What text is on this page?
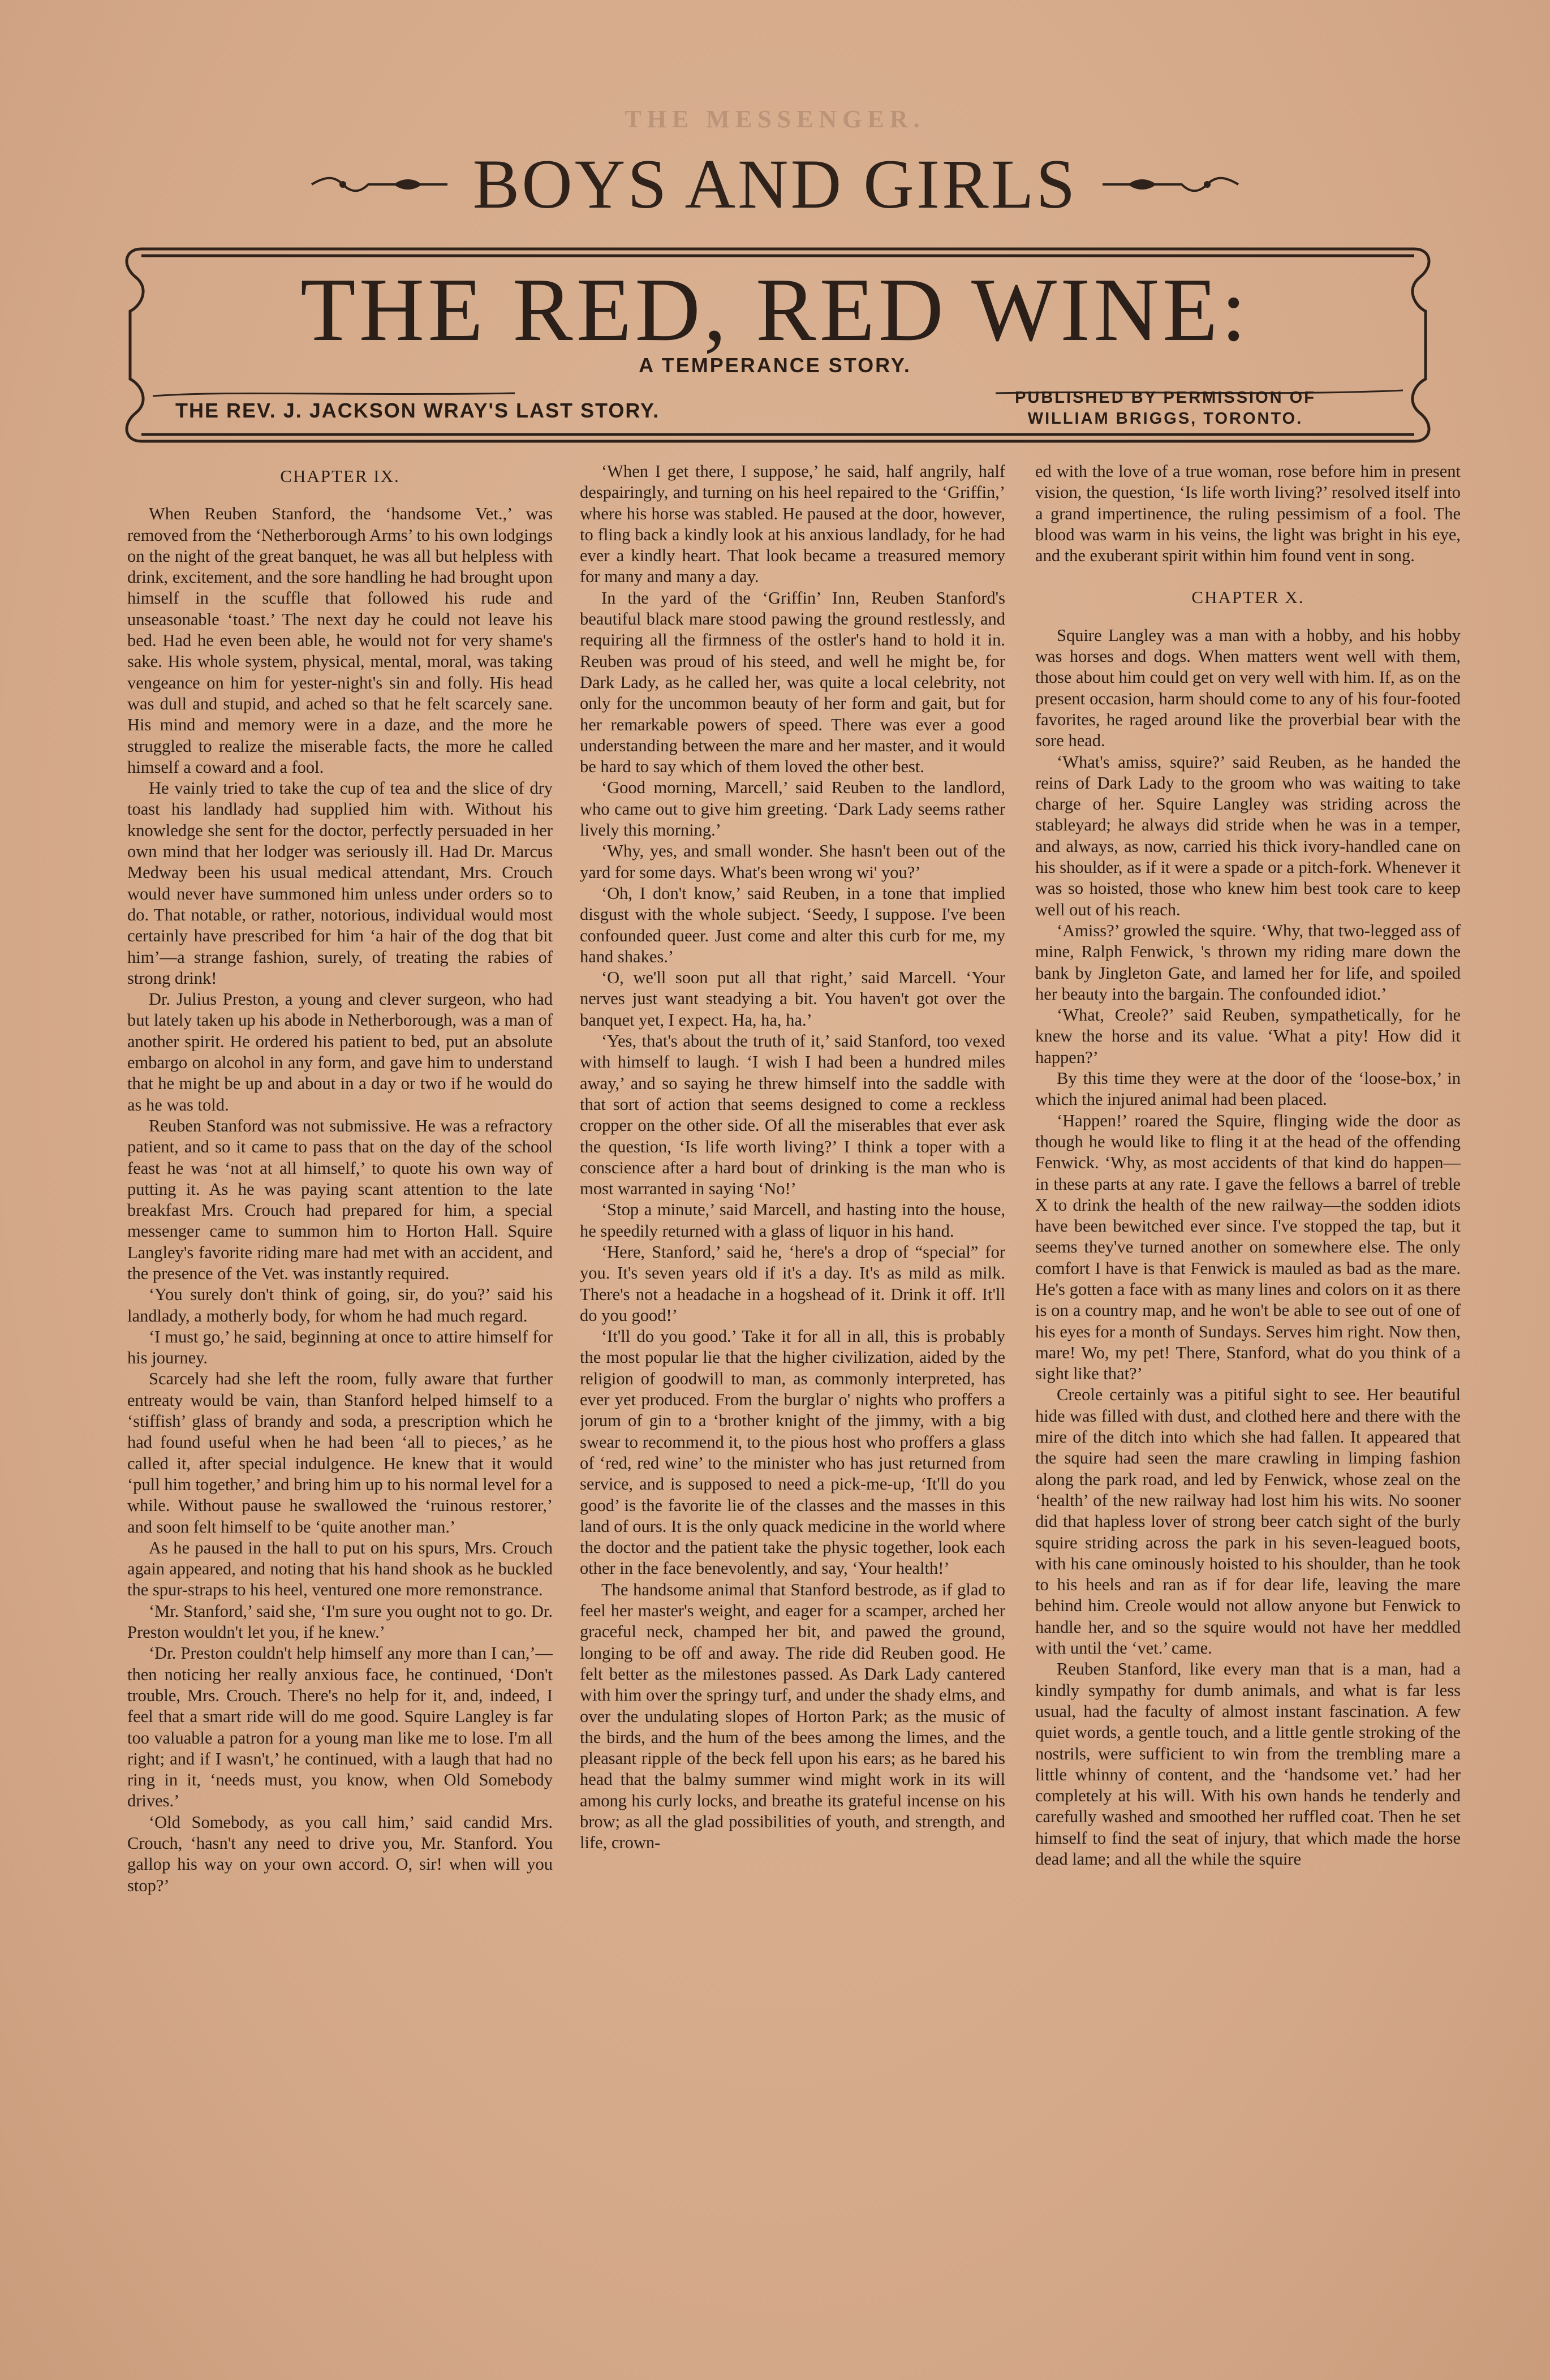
THE MESSENGER.
BOYS AND GIRLS
THE RED, RED WINE:
A TEMPERANCE STORY.
THE REV. J. JACKSON WRAY'S LAST STORY.
PUBLISHED BY PERMISSION OF
WILLIAM BRIGGS, TORONTO.
CHAPTER IX.

When Reuben Stanford, the ‘handsome Vet.,’ was removed from the ‘Netherborough Arms’ to his own lodgings on the night of the great banquet, he was all but helpless with drink, excitement, and the sore handling he had brought upon himself in the scuffle that followed his rude and unseasonable ‘toast.’ The next day he could not leave his bed. Had he even been able, he would not for very shame's sake. His whole system, physical, mental, moral, was taking vengeance on him for yester-night's sin and folly. His head was dull and stupid, and ached so that he felt scarcely sane. His mind and memory were in a daze, and the more he struggled to realize the miserable facts, the more he called himself a coward and a fool.

He vainly tried to take the cup of tea and the slice of dry toast his landlady had supplied him with. Without his knowledge she sent for the doctor, perfectly persuaded in her own mind that her lodger was seriously ill. Had Dr. Marcus Medway been his usual medical attendant, Mrs. Crouch would never have summoned him unless under orders so to do. That notable, or rather, notorious, individual would most certainly have prescribed for him ‘a hair of the dog that bit him’—a strange fashion, surely, of treating the rabies of strong drink!

Dr. Julius Preston, a young and clever surgeon, who had but lately taken up his abode in Netherborough, was a man of another spirit. He ordered his patient to bed, put an absolute embargo on alcohol in any form, and gave him to understand that he might be up and about in a day or two if he would do as he was told.

Reuben Stanford was not submissive. He was a refractory patient, and so it came to pass that on the day of the school feast he was ‘not at all himself,’ to quote his own way of putting it. As he was paying scant attention to the late breakfast Mrs. Crouch had prepared for him, a special messenger came to summon him to Horton Hall. Squire Langley's favorite riding mare had met with an accident, and the presence of the Vet. was instantly required.

‘You surely don't think of going, sir, do you?’ said his landlady, a motherly body, for whom he had much regard.

‘I must go,’ he said, beginning at once to attire himself for his journey.

Scarcely had she left the room, fully aware that further entreaty would be vain, than Stanford helped himself to a ‘stiffish’ glass of brandy and soda, a prescription which he had found useful when he had been ‘all to pieces,’ as he called it, after special indulgence. He knew that it would ‘pull him together,’ and bring him up to his normal level for a while. Without pause he swallowed the ‘ruinous restorer,’ and soon felt himself to be ‘quite another man.’

As he paused in the hall to put on his spurs, Mrs. Crouch again appeared, and noting that his hand shook as he buckled the spur-straps to his heel, ventured one more remonstrance.

‘Mr. Stanford,’ said she, ‘I'm sure you ought not to go. Dr. Preston wouldn't let you, if he knew.’

‘Dr. Preston couldn't help himself any more than I can,’—then noticing her really anxious face, he continued, ‘Don't trouble, Mrs. Crouch. There's no help for it, and, indeed, I feel that a smart ride will do me good. Squire Langley is far too valuable a patron for a young man like me to lose. I'm all right; and if I wasn't,’ he continued, with a laugh that had no ring in it, ‘needs must, you know, when Old Somebody drives.’

‘Old Somebody, as you call him,’ said candid Mrs. Crouch, ‘hasn't any need to drive you, Mr. Stanford. You gallop his way on your own accord. O, sir! when will you stop?’

‘When I get there, I suppose,’ he said, half angrily, half despairingly, and turning on his heel repaired to the ‘Griffin,’ where his horse was stabled. He paused at the door, however, to fling back a kindly look at his anxious landlady, for he had ever a kindly heart. That look became a treasured memory for many and many a day.

In the yard of the ‘Griffin’ Inn, Reuben Stanford's beautiful black mare stood pawing the ground restlessly, and requiring all the firmness of the ostler's hand to hold it in. Reuben was proud of his steed, and well he might be, for Dark Lady, as he called her, was quite a local celebrity, not only for the uncommon beauty of her form and gait, but for her remarkable powers of speed. There was ever a good understanding between the mare and her master, and it would be hard to say which of them loved the other best.

‘Good morning, Marcell,’ said Reuben to the landlord, who came out to give him greeting. ‘Dark Lady seems rather lively this morning.’

‘Why, yes, and small wonder. She hasn't been out of the yard for some days. What's been wrong wi' you?’

‘Oh, I don't know,’ said Reuben, in a tone that implied disgust with the whole subject. ‘Seedy, I suppose. I've been confounded queer. Just come and alter this curb for me, my hand shakes.’

‘O, we'll soon put all that right,’ said Marcell. ‘Your nerves just want steadying a bit. You haven't got over the banquet yet, I expect. Ha, ha, ha.’

‘Yes, that's about the truth of it,’ said Stanford, too vexed with himself to laugh. ‘I wish I had been a hundred miles away,’ and so saying he threw himself into the saddle with that sort of action that seems designed to come a reckless cropper on the other side. Of all the miserables that ever ask the question, ‘Is life worth living?’ I think a toper with a conscience after a hard bout of drinking is the man who is most warranted in saying ‘No!’

‘Stop a minute,’ said Marcell, and hasting into the house, he speedily returned with a glass of liquor in his hand.

‘Here, Stanford,’ said he, ‘here's a drop of “special” for you. It's seven years old if it's a day. It's as mild as milk. There's not a headache in a hogshead of it. Drink it off. It'll do you good!’

‘It'll do you good.’ Take it for all in all, this is probably the most popular lie that the higher civilization, aided by the religion of goodwill to man, as commonly interpreted, has ever yet produced. From the burglar o' nights who proffers a jorum of gin to a ‘brother knight of the jimmy, with a big swear to recommend it, to the pious host who proffers a glass of ‘red, red wine’ to the minister who has just returned from service, and is supposed to need a pick-me-up, ‘It'll do you good’ is the favorite lie of the classes and the masses in this land of ours. It is the only quack medicine in the world where the doctor and the patient take the physic together, look each other in the face benevolently, and say, ‘Your health!’

The handsome animal that Stanford bestrode, as if glad to feel her master's weight, and eager for a scamper, arched her graceful neck, champed her bit, and pawed the ground, longing to be off and away. The ride did Reuben good. He felt better as the milestones passed. As Dark Lady cantered with him over the springy turf, and under the shady elms, and over the undulating slopes of Horton Park; as the music of the birds, and the hum of the bees among the limes, and the pleasant ripple of the beck fell upon his ears; as he bared his head that the balmy summer wind might work in its will among his curly locks, and breathe its grateful incense on his brow; as all the glad possibilities of youth, and strength, and life, crown-

ed with the love of a true woman, rose before him in present vision, the question, ‘Is life worth living?’ resolved itself into a grand impertinence, the ruling pessimism of a fool. The blood was warm in his veins, the light was bright in his eye, and the exuberant spirit within him found vent in song.

CHAPTER X.

Squire Langley was a man with a hobby, and his hobby was horses and dogs. When matters went well with them, those about him could get on very well with him. If, as on the present occasion, harm should come to any of his four-footed favorites, he raged around like the proverbial bear with the sore head.

‘What's amiss, squire?’ said Reuben, as he handed the reins of Dark Lady to the groom who was waiting to take charge of her. Squire Langley was striding across the stableyard; he always did stride when he was in a temper, and always, as now, carried his thick ivory-handled cane on his shoulder, as if it were a spade or a pitch-fork. Whenever it was so hoisted, those who knew him best took care to keep well out of his reach.

‘Amiss?’ growled the squire. ‘Why, that two-legged ass of mine, Ralph Fenwick, 's thrown my riding mare down the bank by Jingleton Gate, and lamed her for life, and spoiled her beauty into the bargain. The confounded idiot.’

‘What, Creole?’ said Reuben, sympathetically, for he knew the horse and its value. ‘What a pity! How did it happen?’

By this time they were at the door of the ‘loose-box,’ in which the injured animal had been placed.

‘Happen!’ roared the Squire, flinging wide the door as though he would like to fling it at the head of the offending Fenwick. ‘Why, as most accidents of that kind do happen—in these parts at any rate. I gave the fellows a barrel of treble X to drink the health of the new railway—the sodden idiots have been bewitched ever since. I've stopped the tap, but it seems they've turned another on somewhere else. The only comfort I have is that Fenwick is mauled as bad as the mare. He's gotten a face with as many lines and colors on it as there is on a country map, and he won't be able to see out of one of his eyes for a month of Sundays. Serves him right. Now then, mare! Wo, my pet! There, Stanford, what do you think of a sight like that?’

Creole certainly was a pitiful sight to see. Her beautiful hide was filled with dust, and clothed here and there with the mire of the ditch into which she had fallen. It appeared that the squire had seen the mare crawling in limping fashion along the park road, and led by Fenwick, whose zeal on the ‘health’ of the new railway had lost him his wits. No sooner did that hapless lover of strong beer catch sight of the burly squire striding across the park in his seven-leagued boots, with his cane ominously hoisted to his shoulder, than he took to his heels and ran as if for dear life, leaving the mare behind him. Creole would not allow anyone but Fenwick to handle her, and so the squire would not have her meddled with until the ‘vet.’ came.

Reuben Stanford, like every man that is a man, had a kindly sympathy for dumb animals, and what is far less usual, had the faculty of almost instant fascination. A few quiet words, a gentle touch, and a little gentle stroking of the nostrils, were sufficient to win from the trembling mare a little whinny of content, and the ‘handsome vet.’ had her completely at his will. With his own hands he tenderly and carefully washed and smoothed her ruffled coat. Then he set himself to find the seat of injury, that which made the horse dead lame; and all the while the squire
